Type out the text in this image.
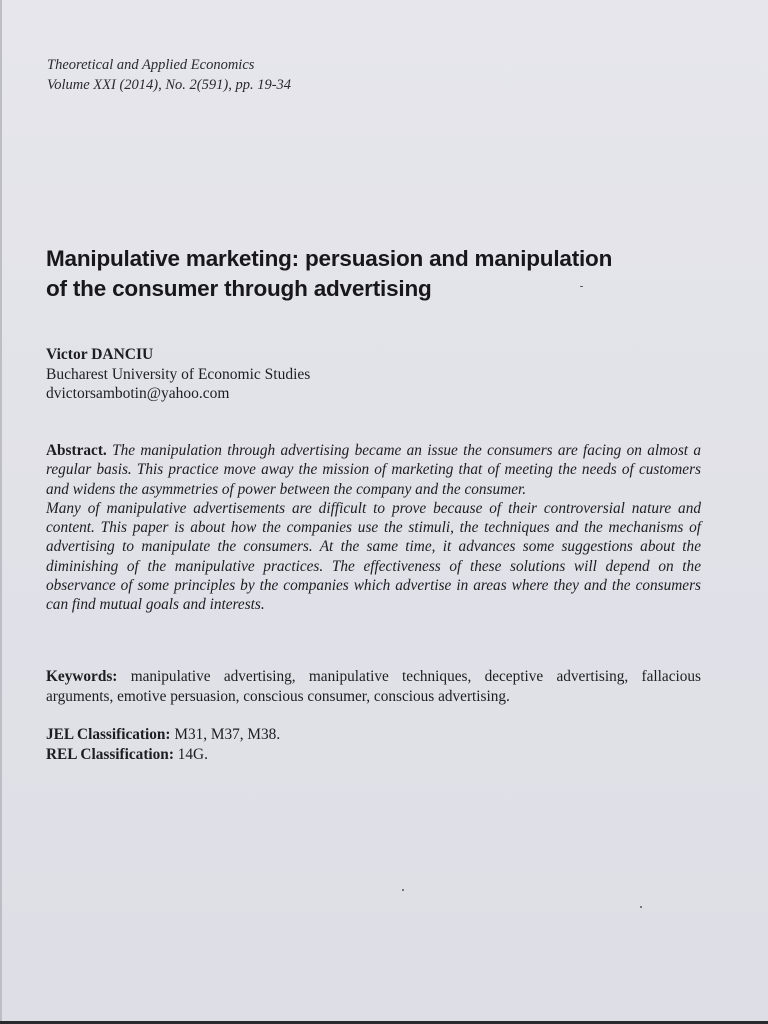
Theoretical and Applied Economics
Volume XXI (2014), No. 2(591), pp. 19-34
Manipulative marketing: persuasion and manipulation
of the consumer through advertising
Victor DANCIU
Bucharest University of Economic Studies
dvictorsambotin@yahoo.com

Abstract. The manipulation through advertising became an issue the consumers are facing on almost a regular basis. This practice move away the mission of marketing that of meeting the needs of customers and widens the asymmetries of power between the company and the consumer.

Many of manipulative advertisements are difficult to prove because of their controversial nature and content. This paper is about how the companies use the stimuli, the techniques and the mechanisms of advertising to manipulate the consumers. At the same time, it advances some suggestions about the diminishing of the manipulative practices. The effectiveness of these solutions will depend on the observance of some principles by the companies which advertise in areas where they and the consumers can find mutual goals and interests.

Keywords: manipulative advertising, manipulative techniques, deceptive advertising, fallacious arguments, emotive persuasion, conscious consumer, conscious advertising.
JEL Classification: M31, M37, M38.
REL Classification: 14G.
